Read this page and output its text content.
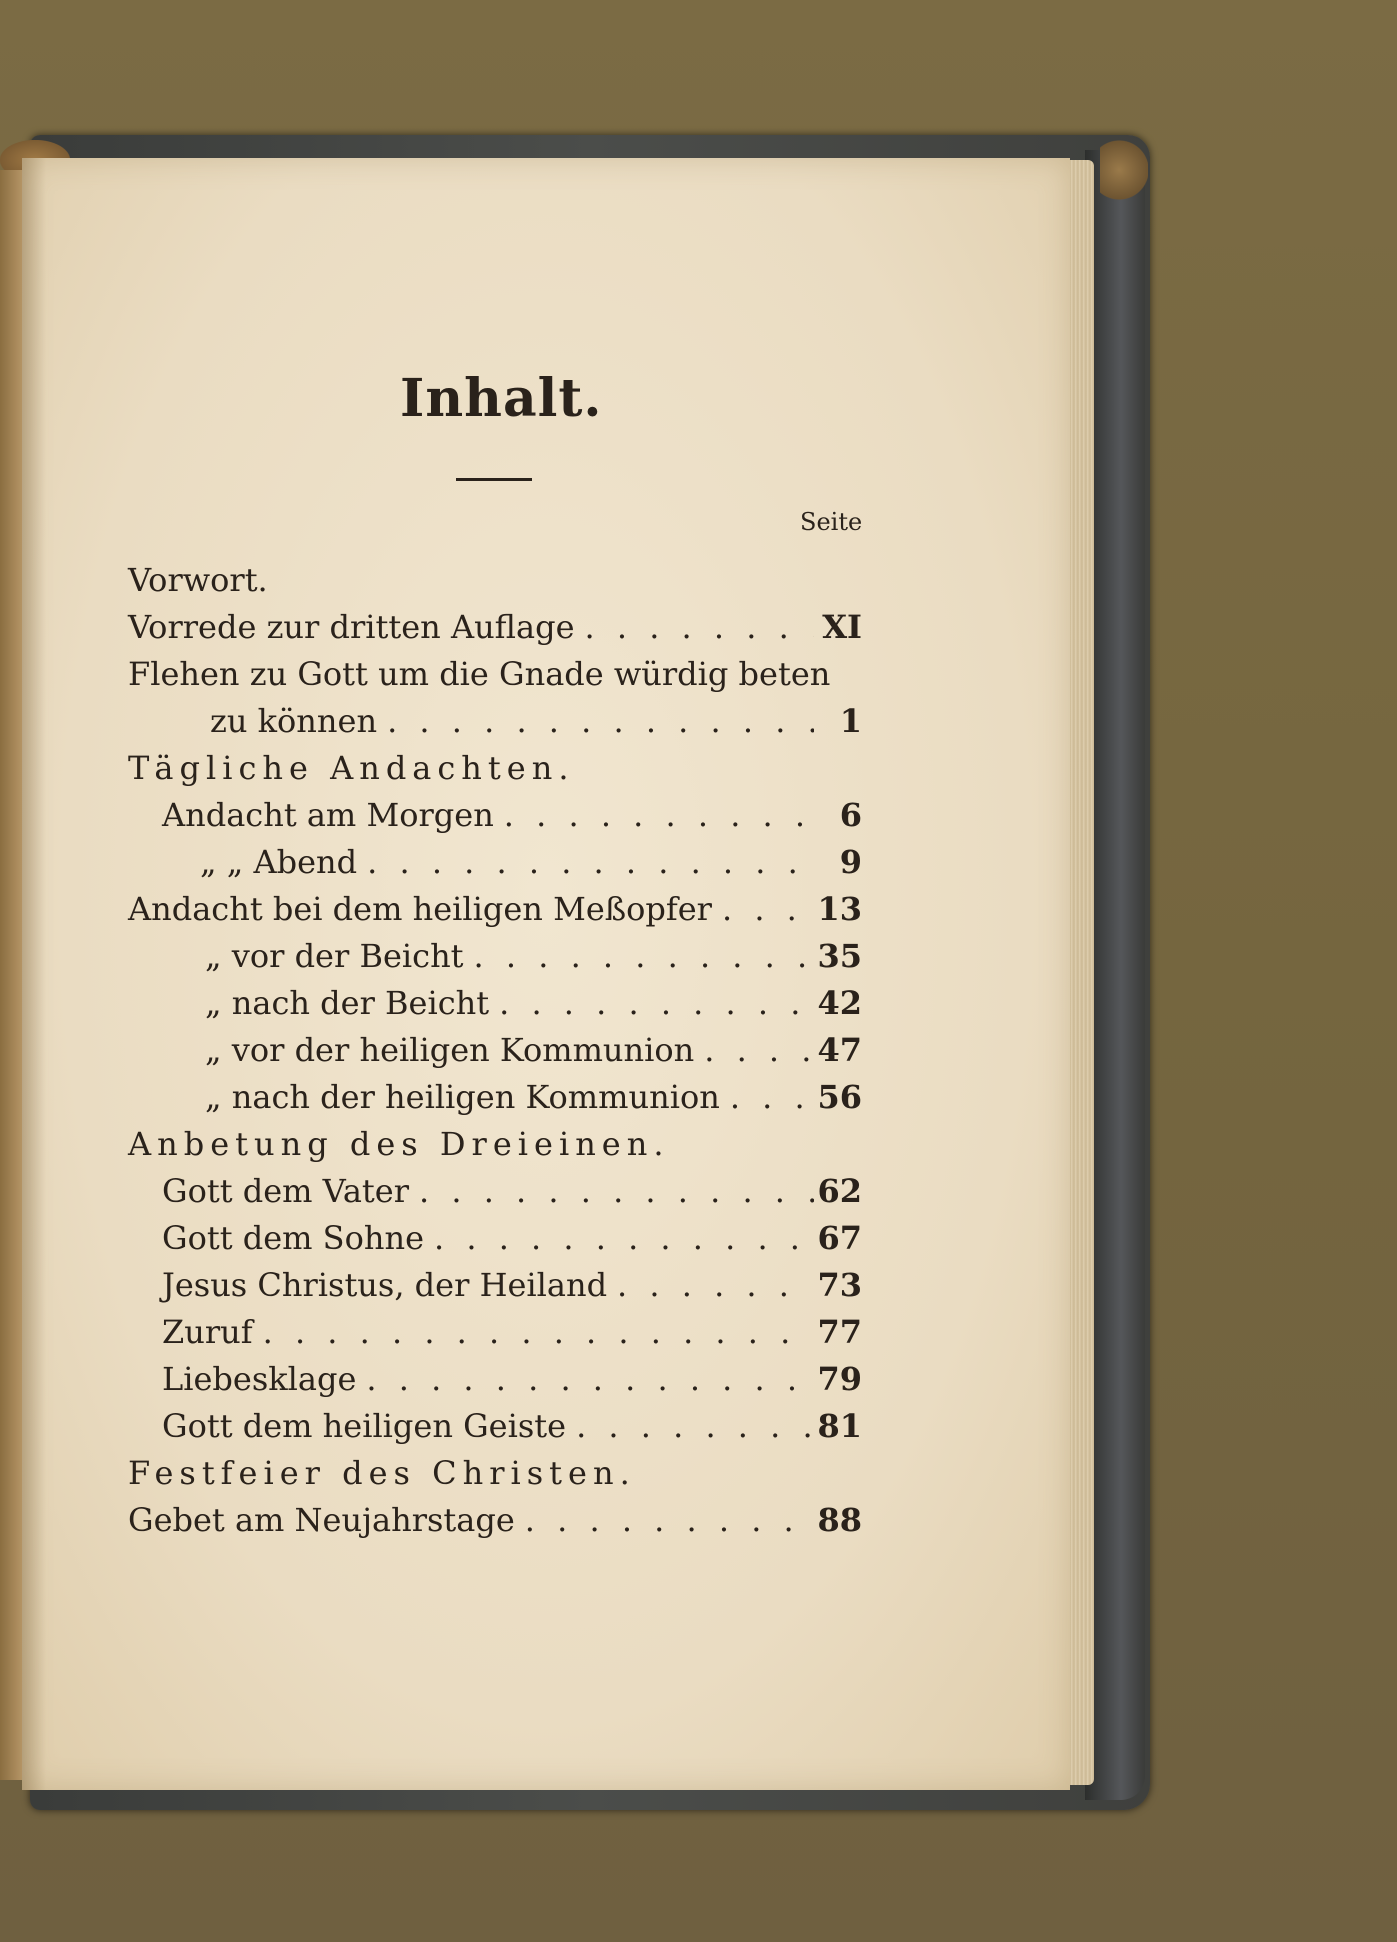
Inhalt.
Seite
Vorwort.
Vorrede zur dritten Auflage . . .	XI
Flehen zu Gott um die Gnade würdig beten
zu können . . .	1
Tägliche Andachten.
Andacht am Morgen . . .	6
„ „ Abend . . .	9
Andacht bei dem heiligen Meßopfer . . .	13
„ vor der Beicht . . .	35
„ nach der Beicht . . .	42
„ vor der heiligen Kommunion . . .	47
„ nach der heiligen Kommunion . . .	56
Anbetung des Dreieinen.
Gott dem Vater . . .	62
Gott dem Sohne . . .	67
Jesus Christus, der Heiland . . .	73
Zuruf . . .	77
Liebesklage . . .	79
Gott dem heiligen Geiste . . .	81
Festfeier des Christen.
Gebet am Neujahrstage . . .	88
